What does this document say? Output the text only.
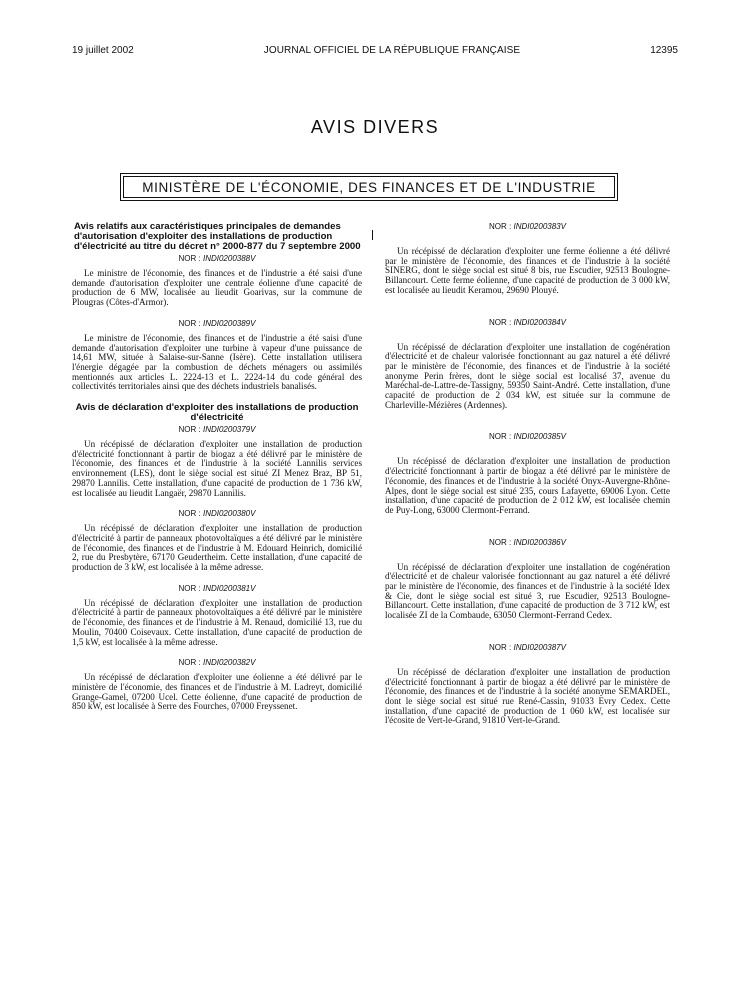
19 juillet 2002	JOURNAL OFFICIEL DE LA RÉPUBLIQUE FRANÇAISE	12395
AVIS DIVERS
MINISTÈRE DE L'ÉCONOMIE, DES FINANCES ET DE L'INDUSTRIE

Avis relatifs aux caractéristiques principales de demandes d'autorisation d'exploiter des installations de production d'électricité au titre du décret n° 2000-877 du 7 septembre 2000

NOR : INDI0200388V

Le ministre de l'économie, des finances et de l'industrie a été saisi d'une demande d'autorisation d'exploiter une centrale éolienne d'une capacité de production de 6 MW, localisée au lieudit Goarivas, sur la commune de Plougras (Côtes-d'Armor).

NOR : INDI0200389V

Le ministre de l'économie, des finances et de l'industrie a été saisi d'une demande d'autorisation d'exploiter une turbine à vapeur d'une puissance de 14,61 MW, située à Salaise-sur-Sanne (Isère). Cette installation utilisera l'énergie dégagée par la combustion de déchets ménagers ou assimilés mentionnés aux articles L. 2224-13 et L. 2224-14 du code général des collectivités territoriales ainsi que des déchets industriels banalisés.

Avis de déclaration d'exploiter des installations de production d'électricité

NOR : INDI0200379V

Un récépissé de déclaration d'exploiter une installation de production d'électricité fonctionnant à partir de biogaz a été délivré par le ministère de l'économie, des finances et de l'industrie à la société Lannilis services environnement (LES), dont le siège social est situé ZI Menez Braz, BP 51, 29870 Lannilis. Cette installation, d'une capacité de production de 1 736 kW, est localisée au lieudit Langaër, 29870 Lannilis.

NOR : INDI0200380V

Un récépissé de déclaration d'exploiter une installation de production d'électricité à partir de panneaux photovoltaïques a été délivré par le ministère de l'économie, des finances et de l'industrie à M. Edouard Heinrich, domicilié 2, rue du Presbytère, 67170 Geudertheim. Cette installation, d'une capacité de production de 3 kW, est localisée à la même adresse.

NOR : INDI0200381V

Un récépissé de déclaration d'exploiter une installation de production d'électricité à partir de panneaux photovoltaïques a été délivré par le ministère de l'économie, des finances et de l'industrie à M. Renaud, domicilié 13, rue du Moulin, 70400 Coisevaux. Cette installation, d'une capacité de production de 1,5 kW, est localisée à la même adresse.

NOR : INDI0200382V

Un récépissé de déclaration d'exploiter une éolienne a été délivré par le ministère de l'économie, des finances et de l'industrie à M. Ladreyt, domicilié Grange-Gamel, 07200 Ucel. Cette éolienne, d'une capacité de production de 850 kW, est localisée à Serre des Fourches, 07000 Freyssenet.

NOR : INDI0200383V

Un récépissé de déclaration d'exploiter une ferme éolienne a été délivré par le ministère de l'économie, des finances et de l'industrie à la société SINERG, dont le siège social est situé 8 bis, rue Escudier, 92513 Boulogne-Billancourt. Cette ferme éolienne, d'une capacité de production de 3 000 kW, est localisée au lieudit Keramou, 29690 Plouyé.

NOR : INDI0200384V

Un récépissé de déclaration d'exploiter une installation de cogénération d'électricité et de chaleur valorisée fonctionnant au gaz naturel a été délivré par le ministère de l'économie, des finances et de l'industrie à la société anonyme Perin frères, dont le siège social est localisé 37, avenue du Maréchal-de-Lattre-de-Tassigny, 59350 Saint-André. Cette installation, d'une capacité de production de 2 034 kW, est située sur la commune de Charleville-Mézières (Ardennes).

NOR : INDI0200385V

Un récépissé de déclaration d'exploiter une installation de production d'électricité fonctionnant à partir de biogaz a été délivré par le ministère de l'économie, des finances et de l'industrie à la société Onyx-Auvergne-Rhône-Alpes, dont le siège social est situé 235, cours Lafayette, 69006 Lyon. Cette installation, d'une capacité de production de 2 012 kW, est localisée chemin de Puy-Long, 63000 Clermont-Ferrand.

NOR : INDI0200386V

Un récépissé de déclaration d'exploiter une installation de cogénération d'électricité et de chaleur valorisée fonctionnant au gaz naturel a été délivré par le ministère de l'économie, des finances et de l'industrie à la société Idex & Cie, dont le siège social est situé 3, rue Escudier, 92513 Boulogne-Billancourt. Cette installation, d'une capacité de production de 3 712 kW, est localisée ZI de la Combaude, 63050 Clermont-Ferrand Cedex.

NOR : INDI0200387V

Un récépissé de déclaration d'exploiter une installation de production d'électricité fonctionnant à partir de biogaz a été délivré par le ministère de l'économie, des finances et de l'industrie à la société anonyme SEMARDEL, dont le siège social est situé rue René-Cassin, 91033 Evry Cedex. Cette installation, d'une capacité de production de 1 060 kW, est localisée sur l'écosite de Vert-le-Grand, 91810 Vert-le-Grand.
